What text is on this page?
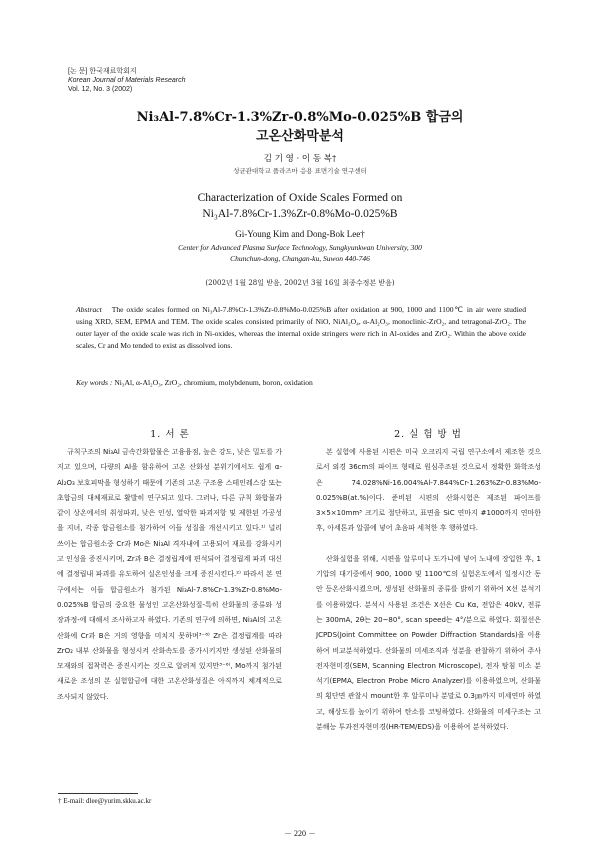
[논 문] 한국재료학회지
Korean Journal of Materials Research
Vol. 12, No. 3 (2002)
Ni₃Al-7.8%Cr-1.3%Zr-0.8%Mo-0.025%B 합금의
고온산화막분석
김 기 영 · 이 동 복†
성균관대학교 플라즈마 응용 표면기술 연구센터
Characterization of Oxide Scales Formed on
Ni₃Al-7.8%Cr-1.3%Zr-0.8%Mo-0.025%B
Gi-Young Kim and Dong-Bok Lee†
Center for Advanced Plasma Surface Technology, Sungkyunkwan University, 300
Chunchun-dong, Changan-ku, Suwon 440-746
(2002년 1월 28일 받음, 2002년 3월 16일 최종수정본 받음)
Abstract The oxide scales formed on Ni₃Al-7.8%Cr-1.3%Zr-0.8%Mo-0.025%B after oxidation at 900, 1000 and 1100℃ in air were studied using XRD, SEM, EPMA and TEM. The oxide scales consisted primarily of NiO, NiAl₂O₄, α-Al₂O₃, monoclinic-ZrO₂, and tetragonal-ZrO₂. The outer layer of the oxide scale was rich in Ni-oxides, whereas the internal oxide stringers were rich in Al-oxides and ZrO₂. Within the above oxide scales, Cr and Mo tended to exist as dissolved ions.
Key words : Ni₃Al, α-Al₂O₃, ZrO₂, chromium, molybdenum, boron, oxidation
1. 서 론	2. 실 험 방 법

규칙구조의 Ni₃Al 금속간화합물은 고융융점, 높은 강도, 낮은 밀도를 가지고 있으며, 다량의 Al을 함유하여 고온 산화성 분위기에서도 쉽게 α-Al₂O₃ 보호피막을 형성하기 때문에 기존의 고온 구조용 스테인레스강 또는 초합금의 대체재료로 활발히 연구되고 있다. 그러나, 다른 규칙 화합물과 같이 상온에서의 취성파괴, 낮은 인성, 열악한 파괴저항 및 제한된 가공성을 지녀, 각종 합금원소를 첨가하여 이들 성질을 개선시키고 있다.¹⁾ 널리 쓰이는 합금원소중 Cr과 Mo은 Ni₃Al 격자내에 고용되어 재료를 강화시키고 인성을 증진시키며, Zr과 B은 결정립계에 편석되어 결정립계 파괴 대신에 결정립내 파괴를 유도하여 실온인성을 크게 증진시킨다.²⁾ 따라서 본 연구에서는 이들 합금원소가 첨가된 Ni₃Al-7.8%Cr-1.3%Zr-0.8%Mo-0.025%B 합금의 중요한 물성인 고온산화성질-특히 산화물의 종류와 성장과정-에 대해서 조사하고자 하였다. 기존의 연구에 의하면, Ni₃Al의 고온산화에 Cr과 B은 거의 영향을 미치지 못하며³⁻⁶⁾ Zr은 결정립계를 따라 ZrO₂ 내부 산화물을 형성시켜 산화속도를 증가시키지만 생성된 산화물의 모재와의 접착력은 증진시키는 것으로 알려져 있지만³⁻⁶⁾, Mo까지 첨가된 새로운 조성의 본 실험합금에 대한 고온산화성질은 아직까지 체계적으로 조사되지 않았다.

본 실험에 사용된 시편은 미국 오크리지 국립 연구소에서 제조한 것으로서 외경 36cm의 파이프 형태로 원심주조된 것으로서 정확한 화학조성은 74.028%Ni-16.004%Al-7.844%Cr-1.263%Zr-0.83%Mo-0.025%B(at.%)이다. 준비된 시편의 산화시험은 제조된 파이프를 3×5×10mm³ 크기로 절단하고, 표면을 SiC 연마지 #1000까지 연마한 후, 아세톤과 알콜에 넣어 초음파 세척한 후 행하였다.

산화실험을 위해, 시편을 알루미나 도가니에 넣어 노내에 장입한 후, 1기압의 대기중에서 900, 1000 및 1100℃의 실험온도에서 일정시간 동안 등온산화시켰으며, 생성된 산화물의 종류를 밝히기 위하여 X선 분석기를 이용하였다. 분석시 사용된 조건은 X선은 Cu Kα, 전압은 40kV, 전류는 300mA, 2θ는 20~80°, scan speed는 4°/분으로 하였다. 회절선은 JCPDS(Joint Committee on Powder Diffraction Standards)을 이용하여 비교분석하였다. 산화물의 미세조직과 성분을 관찰하기 위하여 주사전자현미경(SEM, Scanning Electron Microscope), 전자 탐침 미소 분석기(EPMA, Electron Probe Micro Analyzer)를 이용하였으며, 산화물의 횡단면 관찰시 mount한 후 알루미나 분말로 0.3㎛까지 미세연마 하였고, 해상도를 높이기 위하여 탄소를 코팅하였다. 산화물의 미세구조는 고분해능 투과전자현미경(HR-TEM/EDS)을 이용하여 분석하였다.

† E-mail: dlee@yurim.skku.ac.kr
－ 220 －
